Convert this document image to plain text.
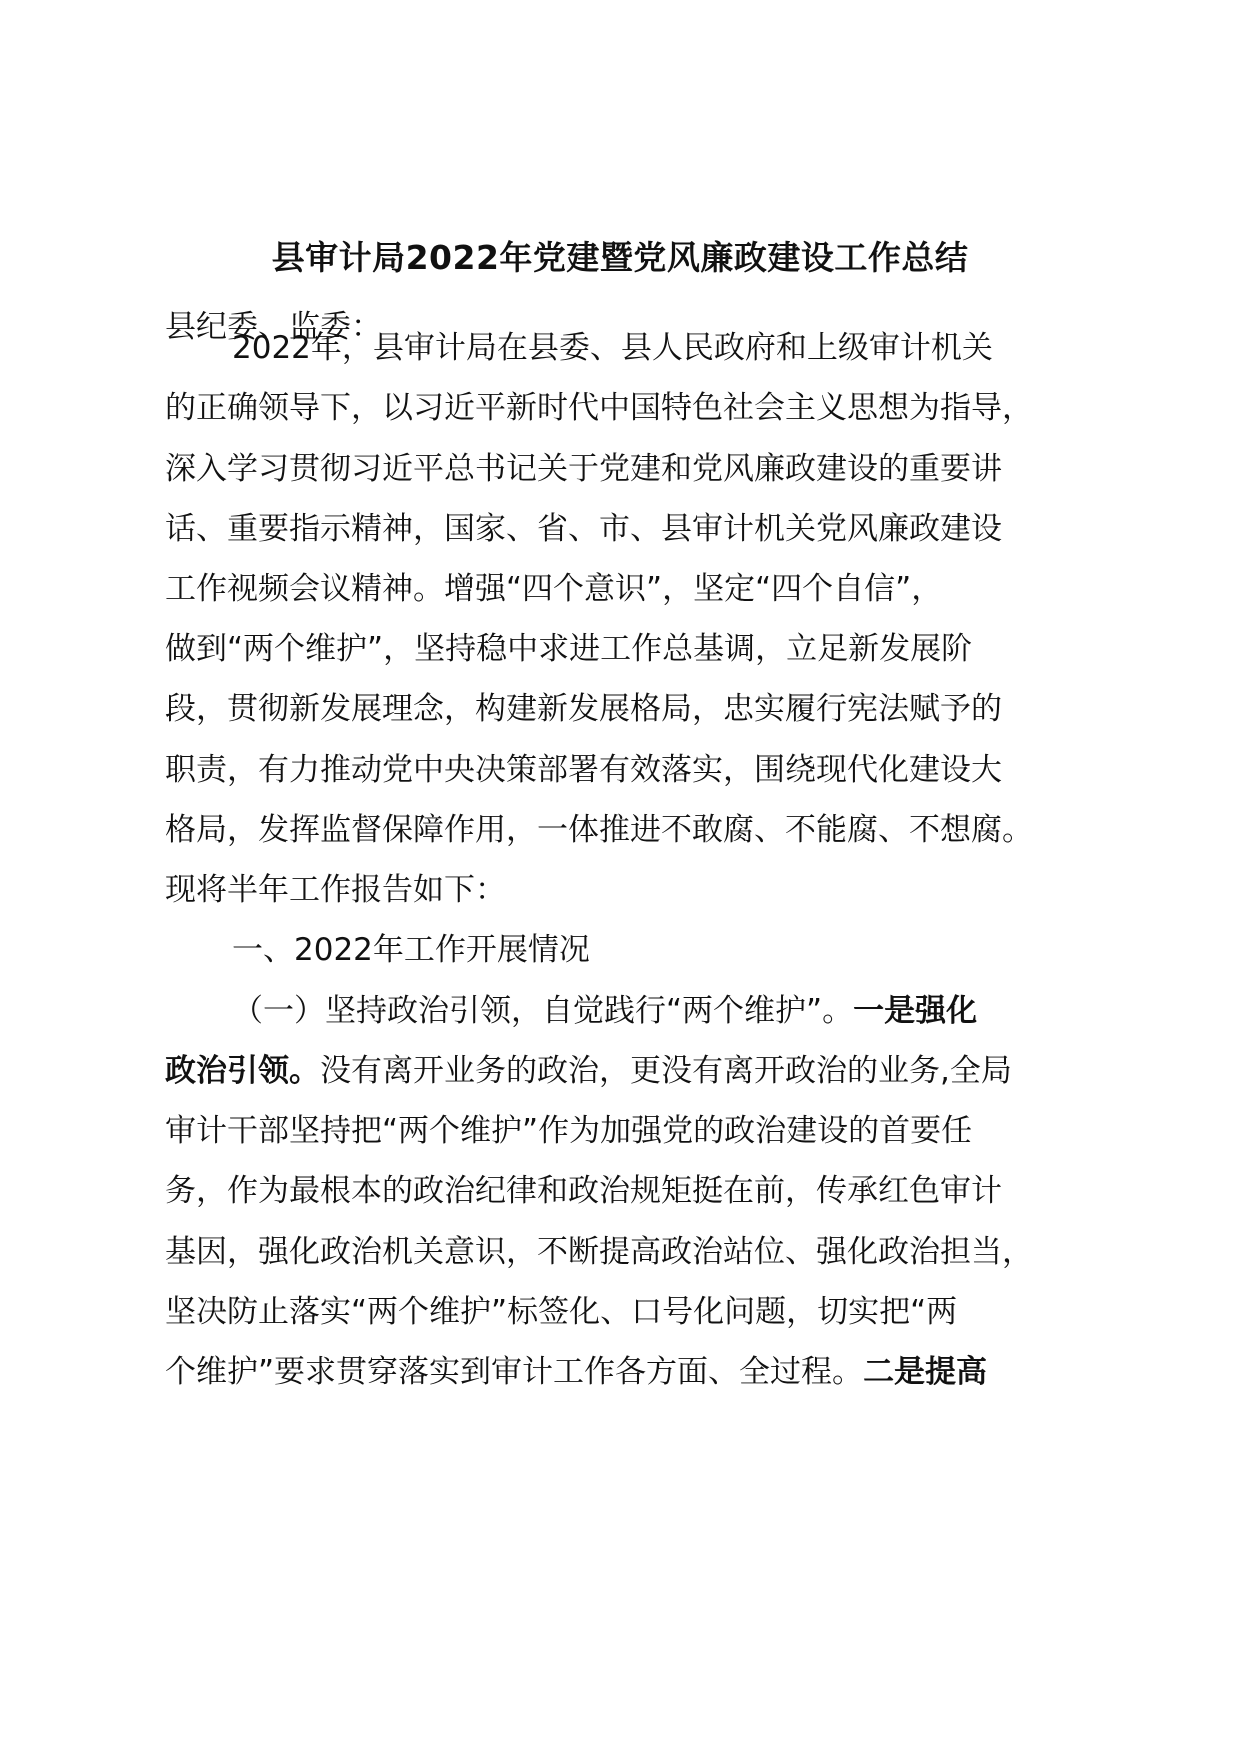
县审计局2022年党建暨党风廉政建设工作总结
县纪委、监委：
2022年，县审计局在县委、县人民政府和上级审计机关
的正确领导下，以习近平新时代中国特色社会主义思想为指导，
深入学习贯彻习近平总书记关于党建和党风廉政建设的重要讲
话、重要指示精神，国家、省、市、县审计机关党风廉政建设
工作视频会议精神。增强“四个意识”，坚定“四个自信”，
做到“两个维护”，坚持稳中求进工作总基调，立足新发展阶
段，贯彻新发展理念，构建新发展格局，忠实履行宪法赋予的
职责，有力推动党中央决策部署有效落实，围绕现代化建设大
格局，发挥监督保障作用，一体推进不敢腐、不能腐、不想腐。
现将半年工作报告如下：
一、2022年工作开展情况
（一）坚持政治引领，自觉践行“两个维护”。一是强化
政治引领。没有离开业务的政治，更没有离开政治的业务,全局
审计干部坚持把“两个维护”作为加强党的政治建设的首要任
务，作为最根本的政治纪律和政治规矩挺在前，传承红色审计
基因，强化政治机关意识，不断提高政治站位、强化政治担当，
坚决防止落实“两个维护”标签化、口号化问题，切实把“两
个维护”要求贯穿落实到审计工作各方面、全过程。二是提高
